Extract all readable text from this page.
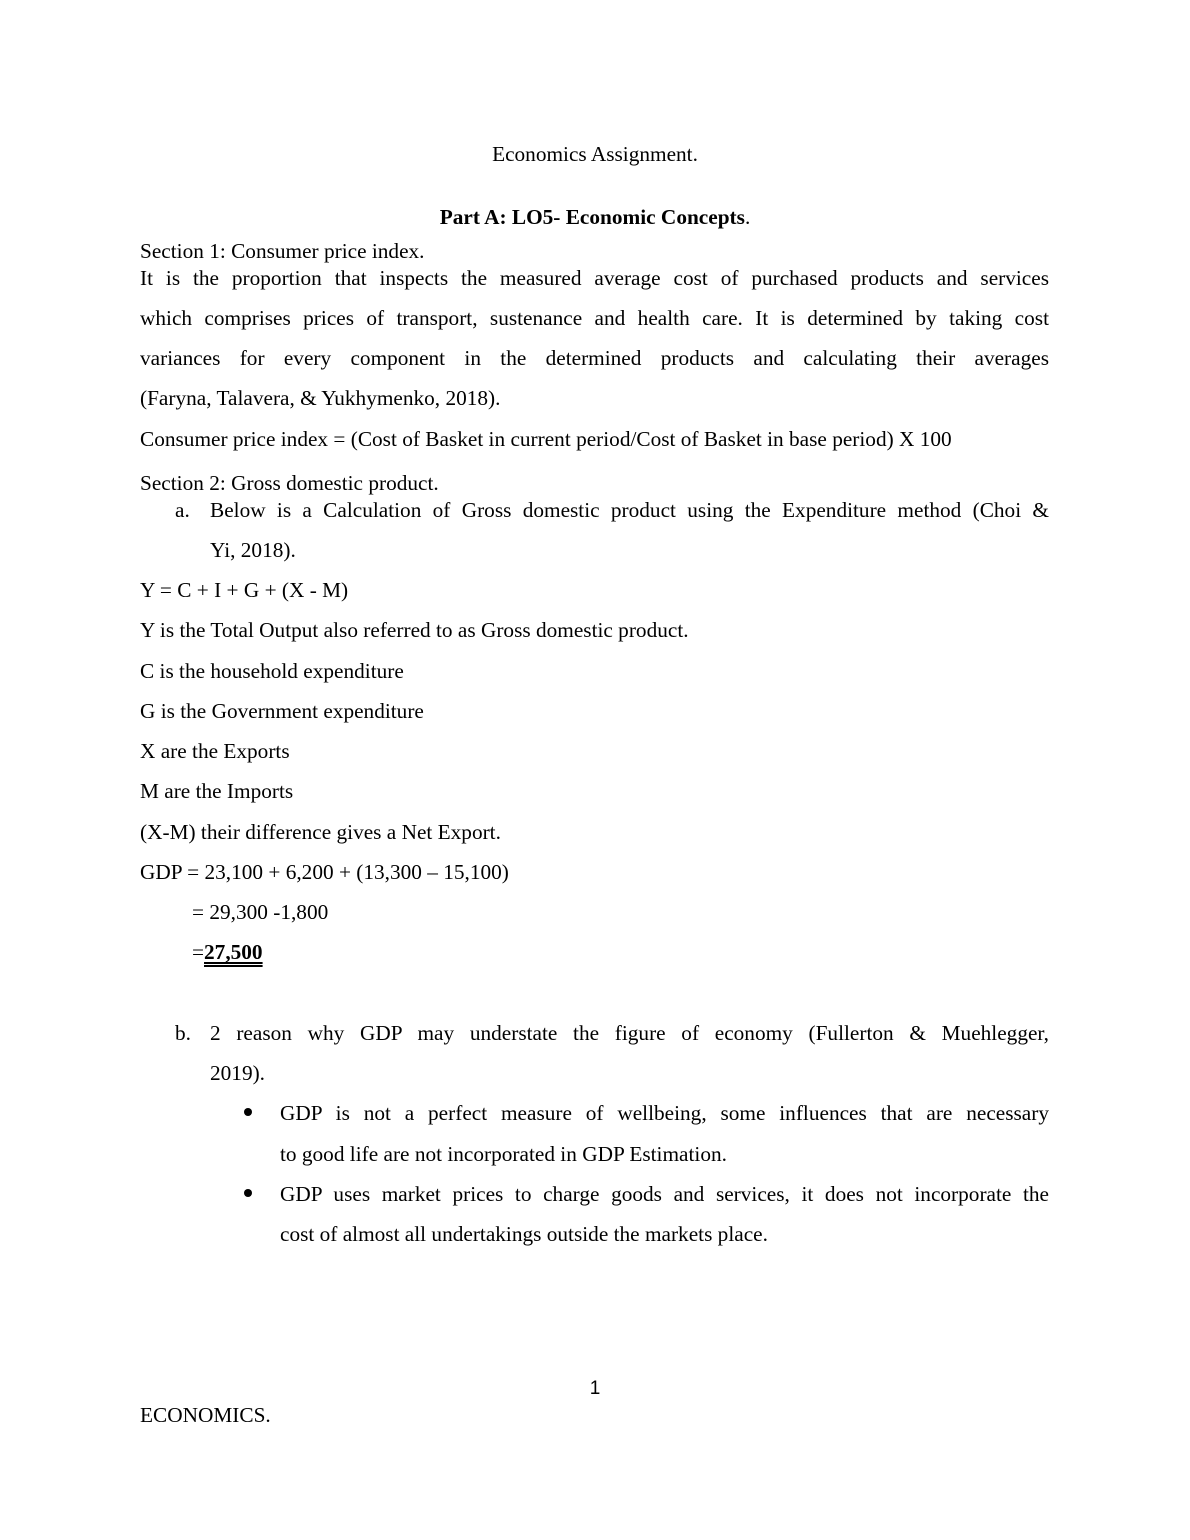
Economics Assignment.
Part A: LO5- Economic Concepts.
Section 1: Consumer price index.
It is the proportion that inspects the measured average cost of purchased products and services
which comprises prices of transport, sustenance and health care. It is determined by taking cost
variances for every component in the determined products and calculating their averages
(Faryna, Talavera, & Yukhymenko, 2018).
Consumer price index = (Cost of Basket in current period/Cost of Basket in base period) X 100
Section 2: Gross domestic product.
a. Below is a Calculation of Gross domestic product using the Expenditure method (Choi &
Yi, 2018).
Y = C + I + G + (X - M)
Y is the Total Output also referred to as Gross domestic product.
C is the household expenditure
G is the Government expenditure
X are the Exports
M are the Imports
(X-M) their difference gives a Net Export.
GDP = 23,100 + 6,200 + (13,300 – 15,100)
= 29,300 -1,800
=27,500
b. 2 reason why GDP may understate the figure of economy (Fullerton & Muehlegger,
2019).
GDP is not a perfect measure of wellbeing, some influences that are necessary
to good life are not incorporated in GDP Estimation.
GDP uses market prices to charge goods and services, it does not incorporate the
cost of almost all undertakings outside the markets place.
1
ECONOMICS.
